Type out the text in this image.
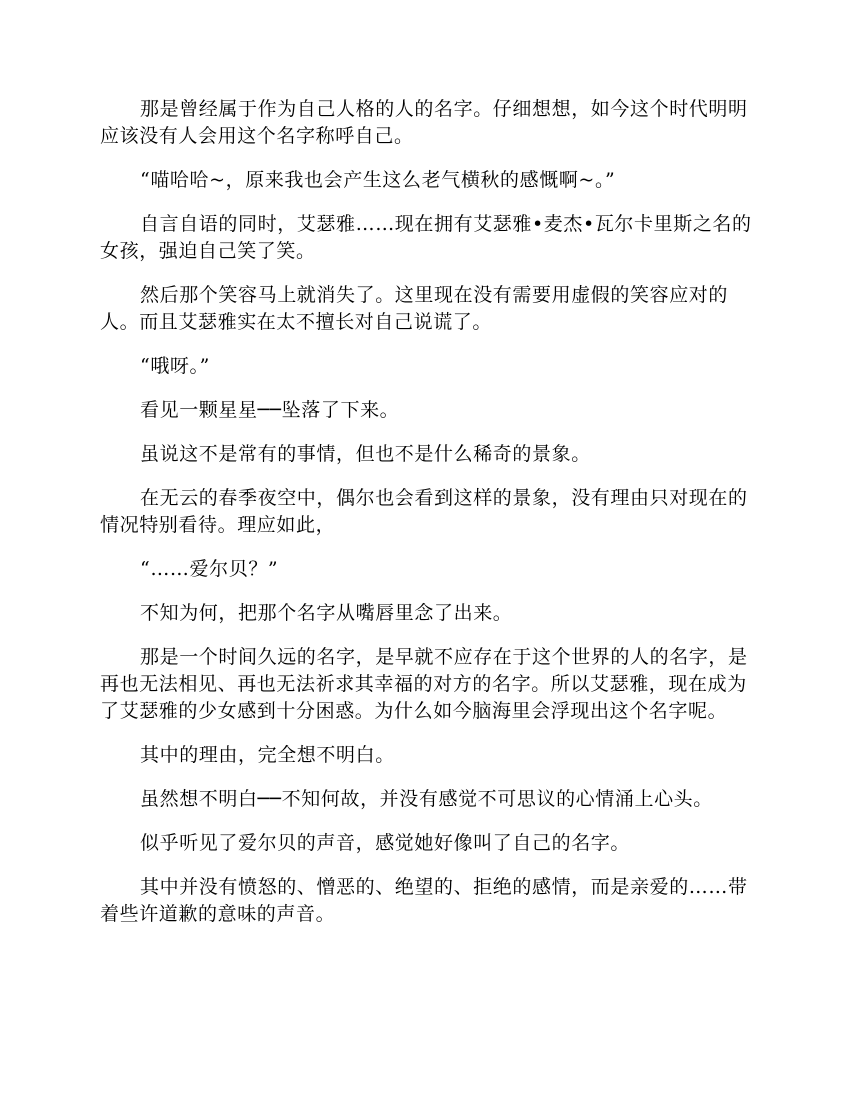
那是曾经属于作为自己人格的人的名字。仔细想想，如今这个时代明明应该没有人会用这个名字称呼自己。

“喵哈哈~，原来我也会产生这么老气横秋的感慨啊~。”

自言自语的同时，艾瑟雅……现在拥有艾瑟雅•麦杰•瓦尔卡里斯之名的女孩，强迫自己笑了笑。

然后那个笑容马上就消失了。这里现在没有需要用虚假的笑容应对的人。而且艾瑟雅实在太不擅长对自己说谎了。

“哦呀。”

看见一颗星星──坠落了下来。

虽说这不是常有的事情，但也不是什么稀奇的景象。

在无云的春季夜空中，偶尔也会看到这样的景象，没有理由只对现在的情况特别看待。理应如此，

“……爱尔贝？”

不知为何，把那个名字从嘴唇里念了出来。

那是一个时间久远的名字，是早就不应存在于这个世界的人的名字，是再也无法相见、再也无法祈求其幸福的对方的名字。所以艾瑟雅，现在成为了艾瑟雅的少女感到十分困惑。为什么如今脑海里会浮现出这个名字呢。

其中的理由，完全想不明白。

虽然想不明白──不知何故，并没有感觉不可思议的心情涌上心头。

似乎听见了爱尔贝的声音，感觉她好像叫了自己的名字。

其中并没有愤怒的、憎恶的、绝望的、拒绝的感情，而是亲爱的……带着些许道歉的意味的声音。
